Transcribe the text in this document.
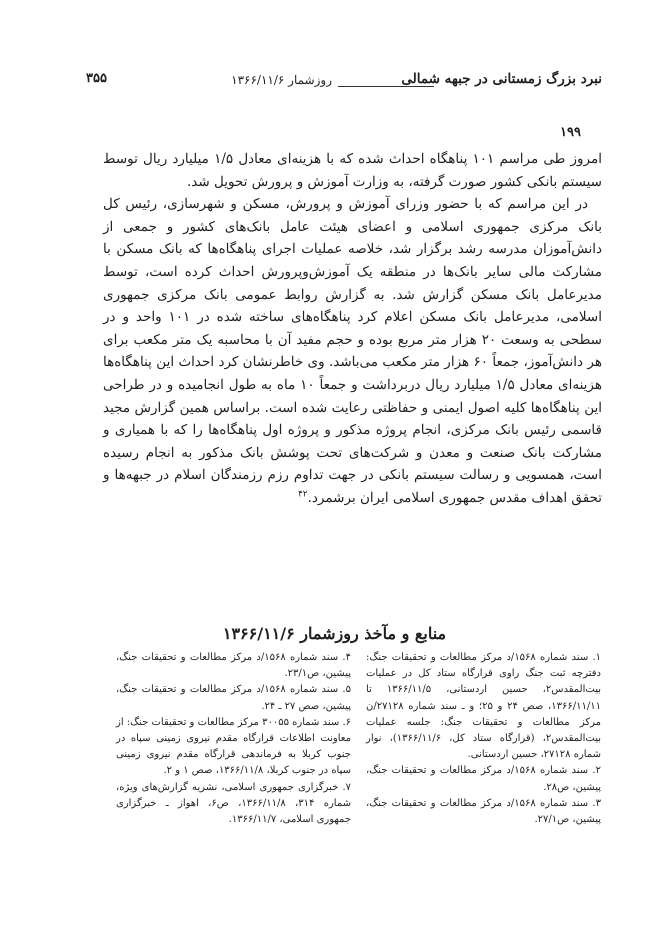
نبرد بزرگ زمستانی در جبهه شمالی
روزشمار ۱۳۶۶/۱۱/۶
۳۵۵
۱۹۹

امروز طی مراسم ۱۰۱ پناهگاه احداث شده که با هزینه‌ای معادل ۱/۵ میلیارد ریال توسط سیستم بانکی کشور صورت گرفته، به وزارت آموزش و پرورش تحویل شد.

در این مراسم که با حضور وزرای آموزش و پرورش، مسکن و شهرسازی، رئیس کل بانک مرکزی جمهوری اسلامی و اعضای هیئت عامل بانک‌های کشور و جمعی از دانش‌آموزان مدرسه رشد برگزار شد، خلاصه عملیات اجرای پناهگاه‌ها که بانک مسکن با مشارکت مالی سایر بانک‌ها در منطقه یک آموزش‌وپرورش احداث کرده است، توسط مدیرعامل بانک مسکن گزارش شد. به گزارش روابط عمومی بانک مرکزی جمهوری اسلامی، مدیرعامل بانک مسکن اعلام کرد پناهگاه‌های ساخته شده در ۱۰۱ واحد و در سطحی به وسعت ۲۰ هزار متر مربع بوده و حجم مفید آن با محاسبه یک متر مکعب برای هر دانش‌آموز، جمعاً ۶۰ هزار متر مکعب می‌باشد. وی خاطرنشان کرد احداث این پناهگاه‌ها هزینه‌ای معادل ۱/۵ میلیارد ریال دربرداشت و جمعاً ۱۰ ماه به طول انجامیده و در طراحی این پناهگاه‌ها کلیه اصول ایمنی و حفاظتی رعایت شده است. براساس همین گزارش مجید قاسمی رئیس بانک مرکزی، انجام پروژه مذکور و پروژه اول پناهگاه‌ها را که با همیاری و مشارکت بانک صنعت و معدن و شرکت‌های تحت پوشش بانک مذکور به انجام رسیده است، همسویی و رسالت سیستم بانکی در جهت تداوم رزم رزمندگان اسلام در جبهه‌ها و تحقق اهداف مقدس جمهوری اسلامی ایران برشمرد.$^{۴۲}$

منابع و مآخذ روزشمار ۱۳۶۶/۱۱/۶

۱. سند شماره ۱۵۶۸/د مرکز مطالعات و تحقیقات جنگ: دفترچه ثبت جنگ راوی قرارگاه ستاد کل در عملیات بیت‌المقدس۲، حسین اردستانی، ۱۳۶۶/۱۱/۵ تا ۱۳۶۶/۱۱/۱۱، صص ۲۴ و ۲۵؛ و ـ سند شماره ۲۷۱۲۸/ن مرکز مطالعات و تحقیقات جنگ: جلسه عملیات بیت‌المقدس۲، (قرارگاه ستاد کل، ۱۳۶۶/۱۱/۶)، نوار شماره ۲۷۱۲۸، حسین اردستانی.

۲. سند شماره ۱۵۶۸/د مرکز مطالعات و تحقیقات جنگ، پیشین، ص۲۸.

۳. سند شماره ۱۵۶۸/د مرکز مطالعات و تحقیقات جنگ، پیشین، ص۲۷/۱.

۴. سند شماره ۱۵۶۸/د مرکز مطالعات و تحقیقات جنگ، پیشین، ص۲۳/۱.

۵. سند شماره ۱۵۶۸/د مرکز مطالعات و تحقیقات جنگ، پیشین، صص ۲۷ ـ ۲۴.

۶. سند شماره ۳۰۰۵۵ مرکز مطالعات و تحقیقات جنگ: از معاونت اطلاعات قرارگاه مقدم نیروی زمینی سپاه در جنوب کربلا به فرماندهی قرارگاه مقدم نیروی زمینی سپاه در جنوب کربلا، ۱۳۶۶/۱۱/۸، صص ۱ و ۲.

۷. خبرگزاری جمهوری اسلامی، نشریه گزارش‌های ویژه، شماره ۳۱۴، ۱۳۶۶/۱۱/۸، ص۶، اهواز ـ خبرگزاری جمهوری اسلامی، ۱۳۶۶/۱۱/۷.
